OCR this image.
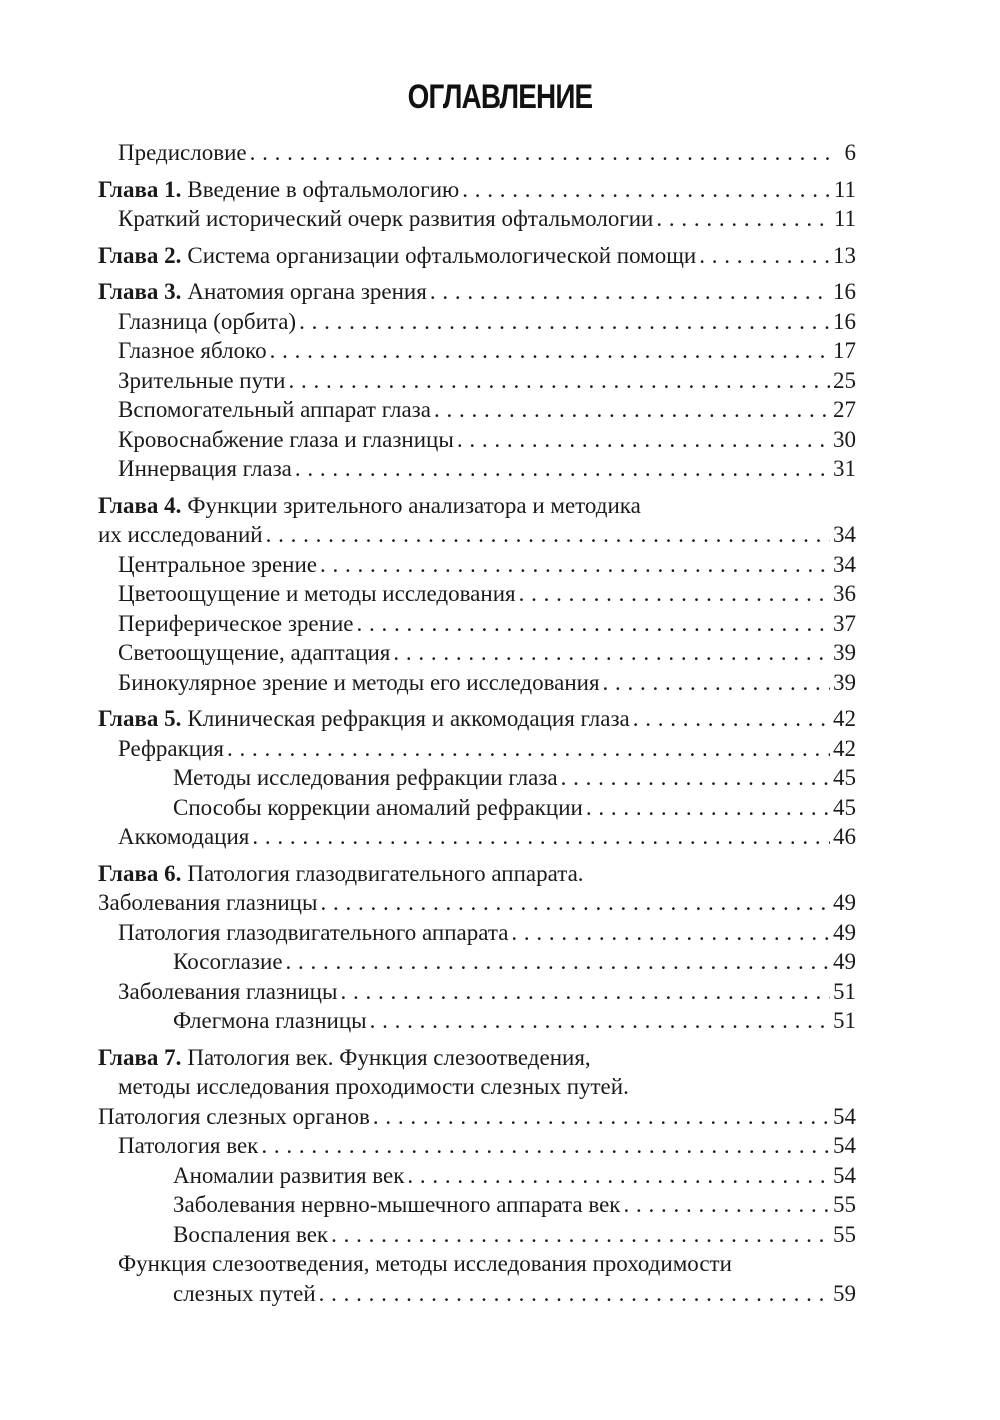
ОГЛАВЛЕНИЕ
Предисловие . . .	6
Глава 1. Введение в офтальмологию . . .	11
Краткий исторический очерк развития офтальмологии . . .	11
Глава 2. Система организации офтальмологической помощи . . .	13
Глава 3. Анатомия органа зрения . . .	16
Глазница (орбита) . . .	16
Глазное яблоко . . .	17
Зрительные пути . . .	25
Вспомогательный аппарат глаза . . .	27
Кровоснабжение глаза и глазницы . . .	30
Иннервация глаза . . .	31
Глава 4. Функции зрительного анализатора и методика
их исследований . . .	34
Центральное зрение . . .	34
Цветоощущение и методы исследования . . .	36
Периферическое зрение . . .	37
Светоощущение, адаптация . . .	39
Бинокулярное зрение и методы его исследования . . .	39
Глава 5. Клиническая рефракция и аккомодация глаза . . .	42
Рефракция . . .	42
Методы исследования рефракции глаза . . .	45
Способы коррекции аномалий рефракции . . .	45
Аккомодация . . .	46
Глава 6. Патология глазодвигательного аппарата.
Заболевания глазницы . . .	49
Патология глазодвигательного аппарата . . .	49
Косоглазие . . .	49
Заболевания глазницы . . .	51
Флегмона глазницы . . .	51
Глава 7. Патология век. Функция слезоотведения,
методы исследования проходимости слезных путей.
Патология слезных органов . . .	54
Патология век . . .	54
Аномалии развития век . . .	54
Заболевания нервно-мышечного аппарата век . . .	55
Воспаления век . . .	55
Функция слезоотведения, методы исследования проходимости
слезных путей . . .	59
